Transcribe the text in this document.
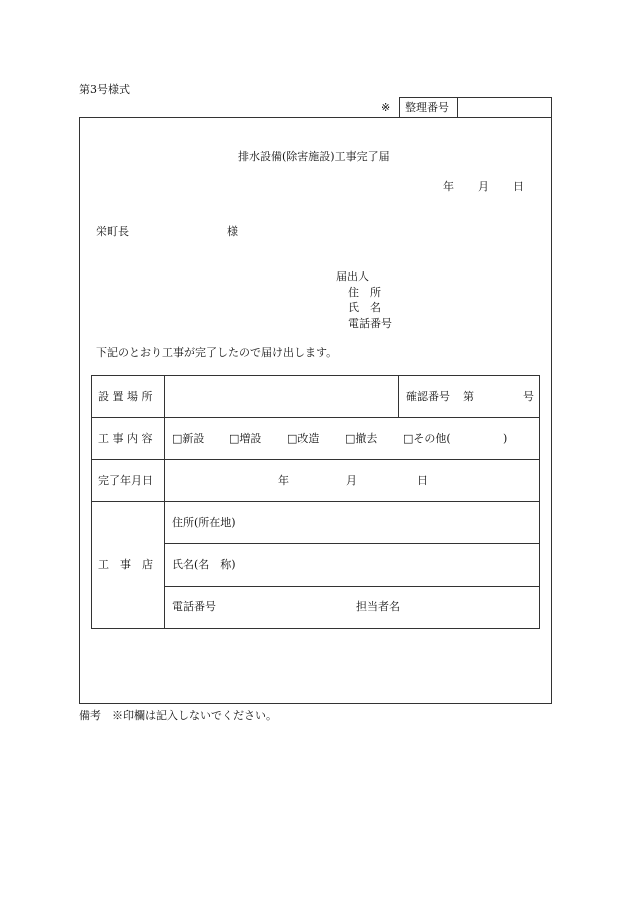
第3号様式
※ 整理番号
排水設備(除害施設)工事完了届
年 月 日
栄町長	様
届出人
住　所
氏　名
電話番号
下記のとおり工事が完了したので届け出します。
設 置 場 所	確認番号 第	号
工 事 内 容 □新設 □増設 □改造 □撤去 □その他(	)
完了年月日	年	月	日
工　事　店
住所(所在地)
氏名(名　称)
電話番号	担当者名
備考　※印欄は記入しないでください。
